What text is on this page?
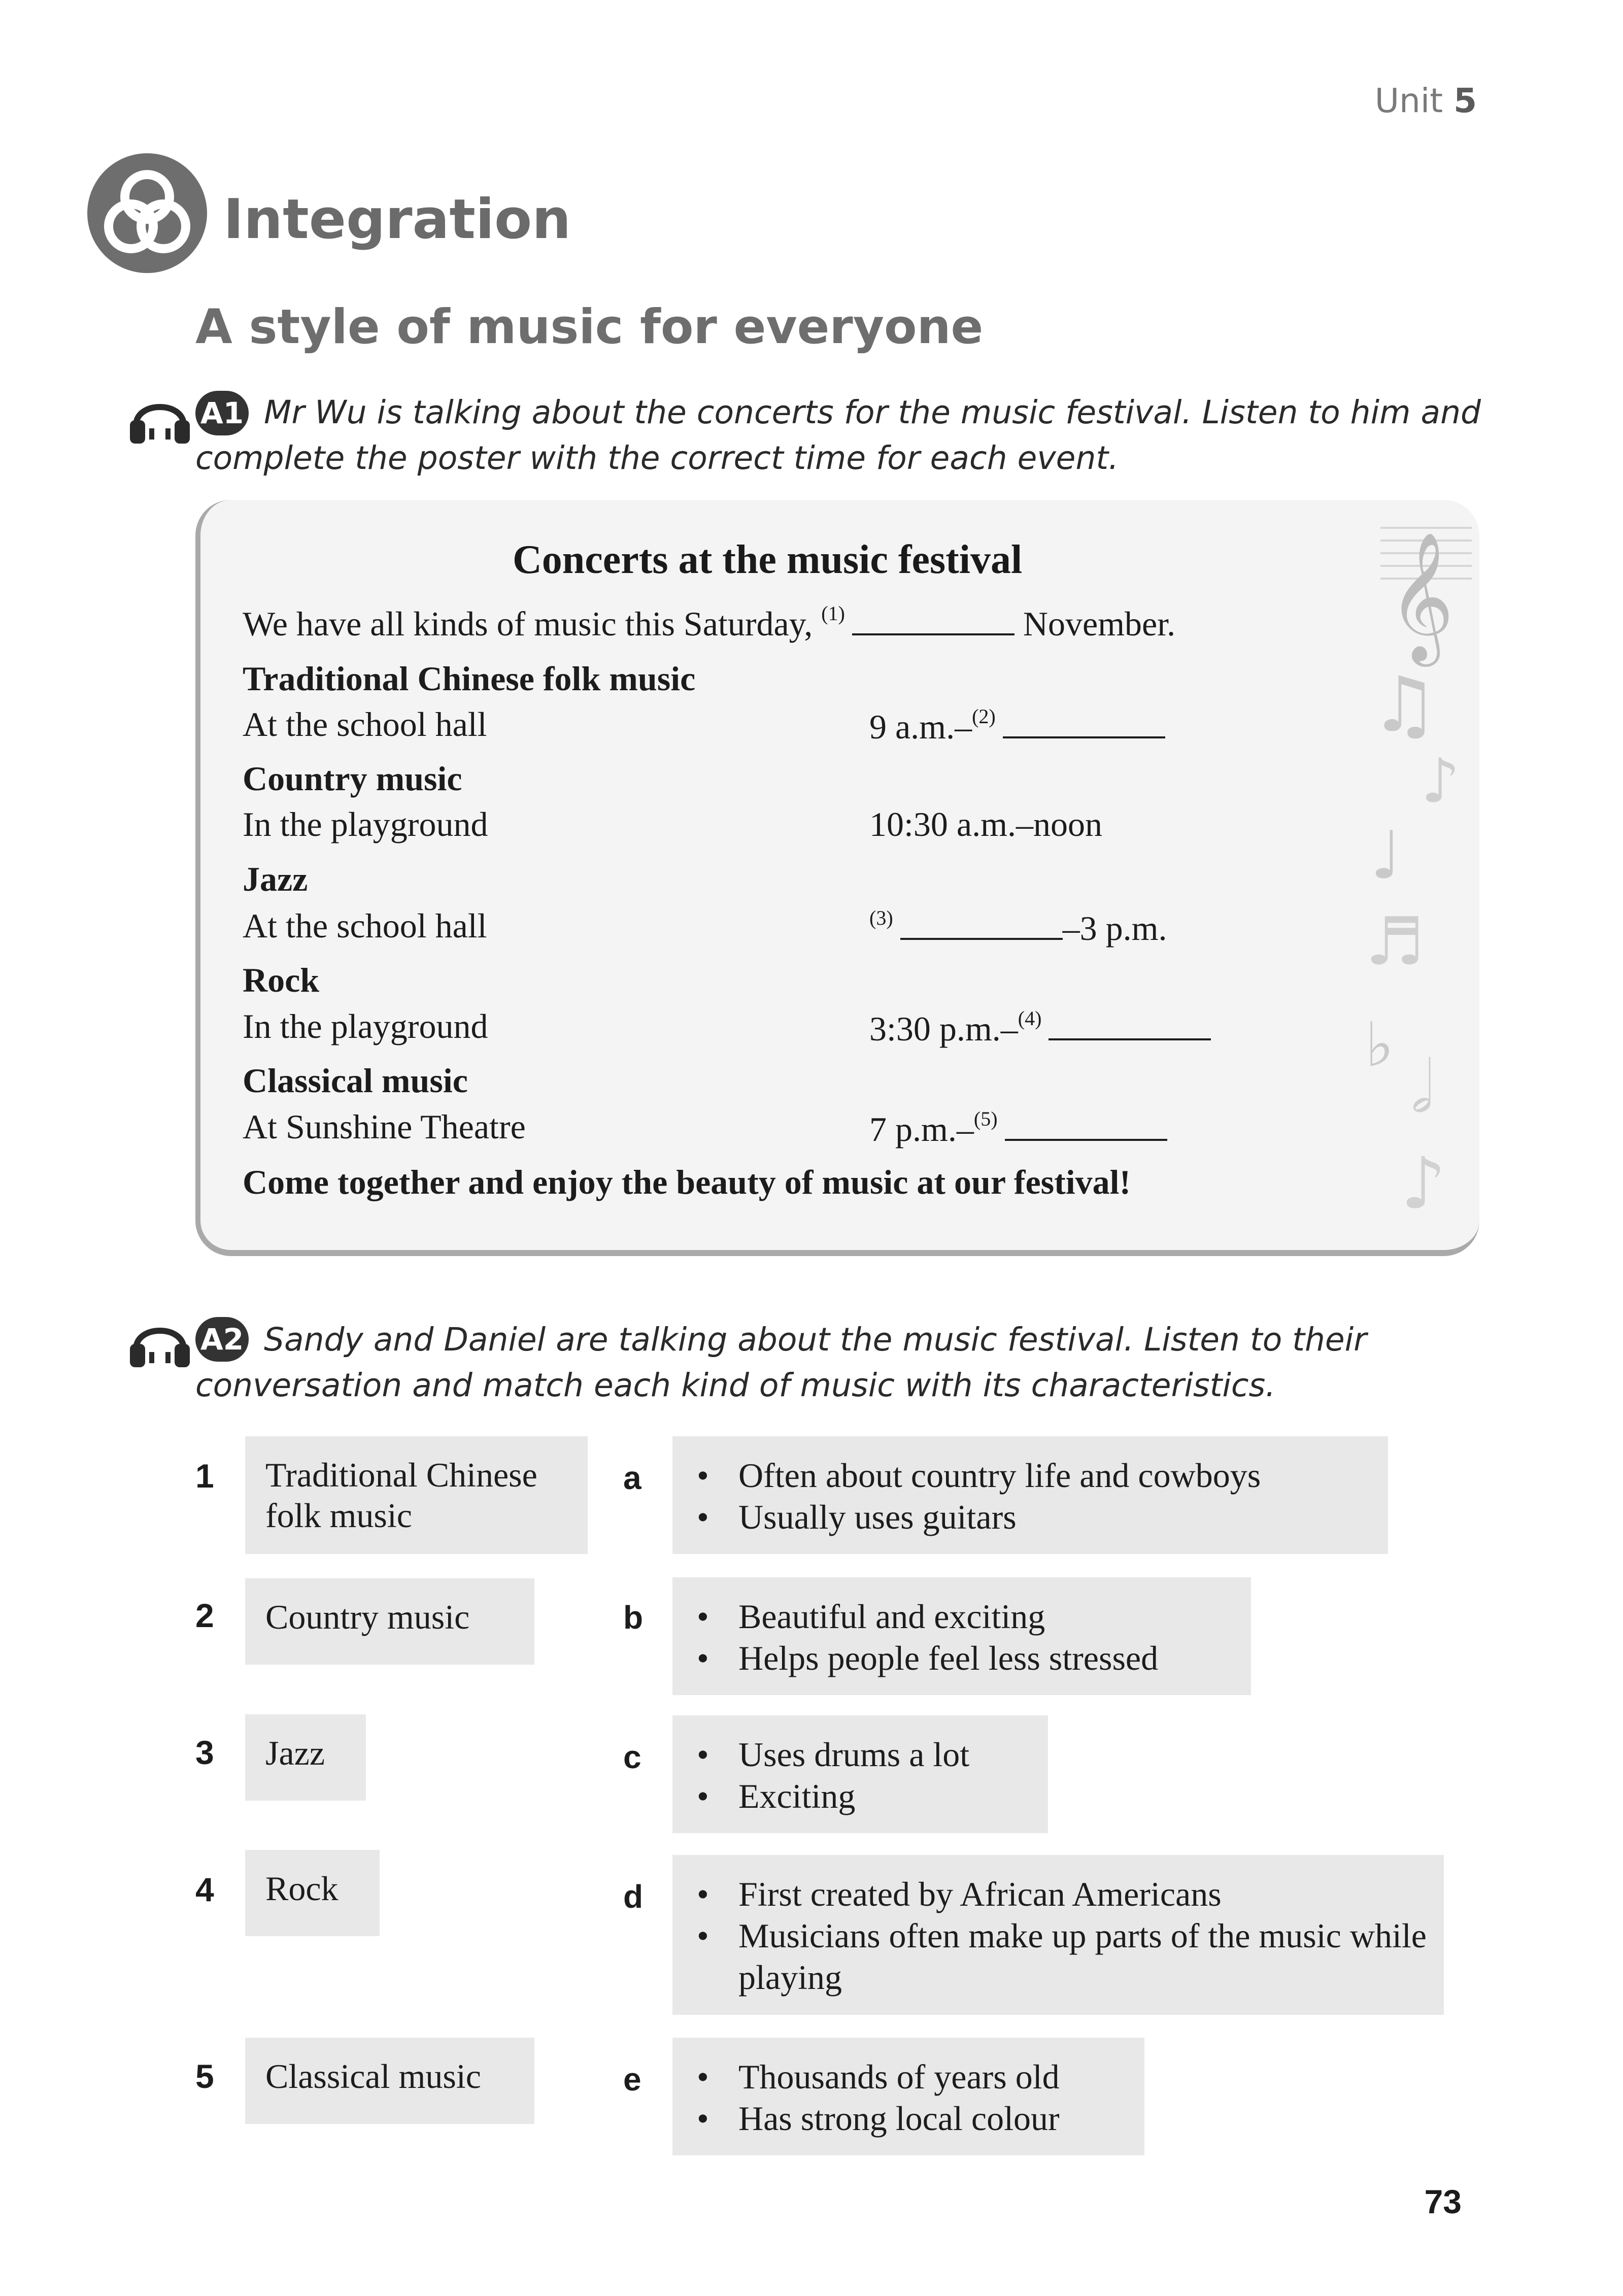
Unit 5
Integration
A style of music for everyone
A1 Mr Wu is talking about the concerts for the music festival. Listen to him and complete the poster with the correct time for each event.
𝄞
♫
♪
♩
♬
♭
𝅗𝅥
♪
Concerts at the music festival
We have all kinds of music this Saturday, $^{(1)}$	November.
Traditional Chinese folk music
At the school hall	9 a.m.–$^{(2)}$
Country music
In the playground	10:30 a.m.–noon
Jazz
At the school hall	$^{(3)}$	–3 p.m.
Rock
In the playground	3:30 p.m.–$^{(4)}$
Classical music
At Sunshine Theatre	7 p.m.–$^{(5)}$
Come together and enjoy the beauty of music at our festival!
A2 Sandy and Daniel are talking about the music festival. Listen to their conversation and match each kind of music with its characteristics.
1	Traditional Chinese folk music
2	Country music
3	Jazz
4	Rock
5	Classical music
a	• Often about country life and cowboys
• Usually uses guitars
b	• Beautiful and exciting
• Helps people feel less stressed
c	• Uses drums a lot
• Exciting
d	• First created by African Americans
• Musicians often make up parts of the music while playing
e	• Thousands of years old
• Has strong local colour
73
